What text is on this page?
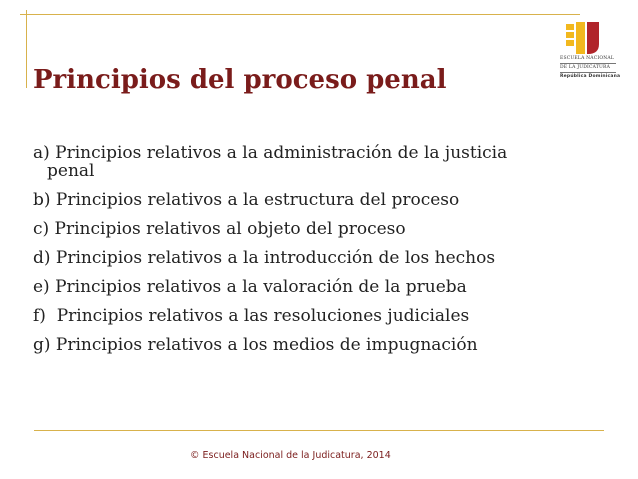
Principios del proceso penal
ESCUELA NACIONAL
DE LA JUDICATURA
República Dominicana
a) Principios relativos a la administración de la justicia
penal
b) Principios relativos a la estructura del proceso
c) Principios relativos al objeto del proceso
d) Principios relativos a la introducción de los hechos
e) Principios relativos a la valoración de la prueba
f)  Principios relativos a las resoluciones judiciales
g) Principios relativos a los medios de impugnación
© Escuela Nacional de la Judicatura, 2014
